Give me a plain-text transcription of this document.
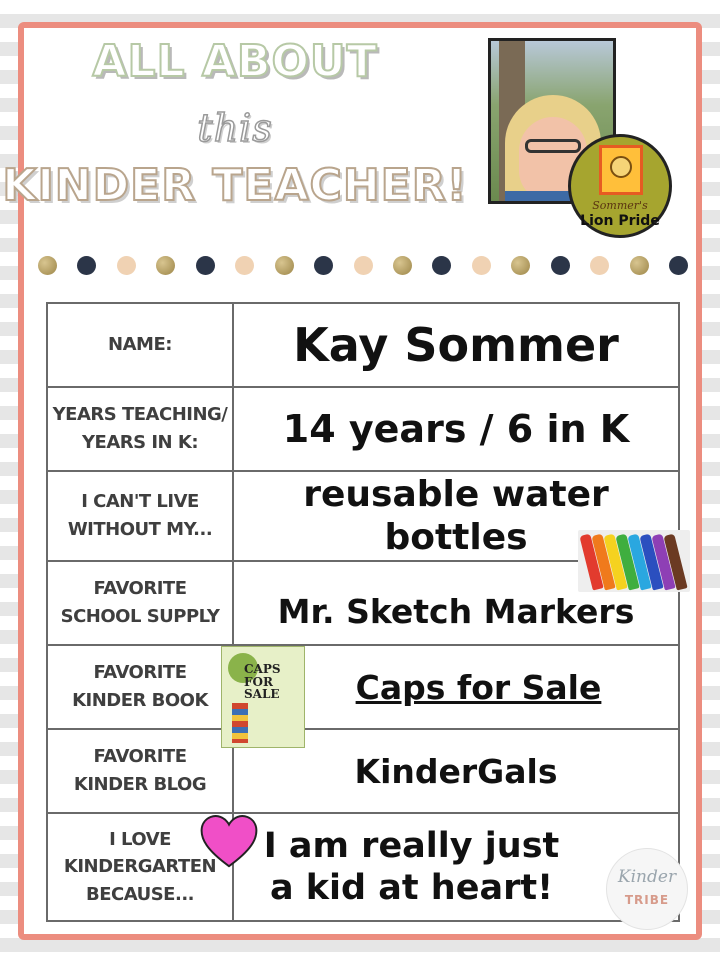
ALL ABOUT
this
KINDER TEACHER!	Sommer's
Lion Pride
NAME:	Kay Sommer
YEARS TEACHING/
YEARS IN K:	14 years / 6 in K
I CAN'T LIVE
WITHOUT MY...	reusable water
bottles
FAVORITE
SCHOOL SUPPLY	Mr. Sketch Markers
FAVORITE
KINDER BOOK	Caps for Sale
FAVORITE
KINDER BLOG	KinderGals
I LOVE
KINDERGARTEN
BECAUSE...	I am really just
a kid at heart!
CAPS
FOR SALE
Kinder
TRIBE
